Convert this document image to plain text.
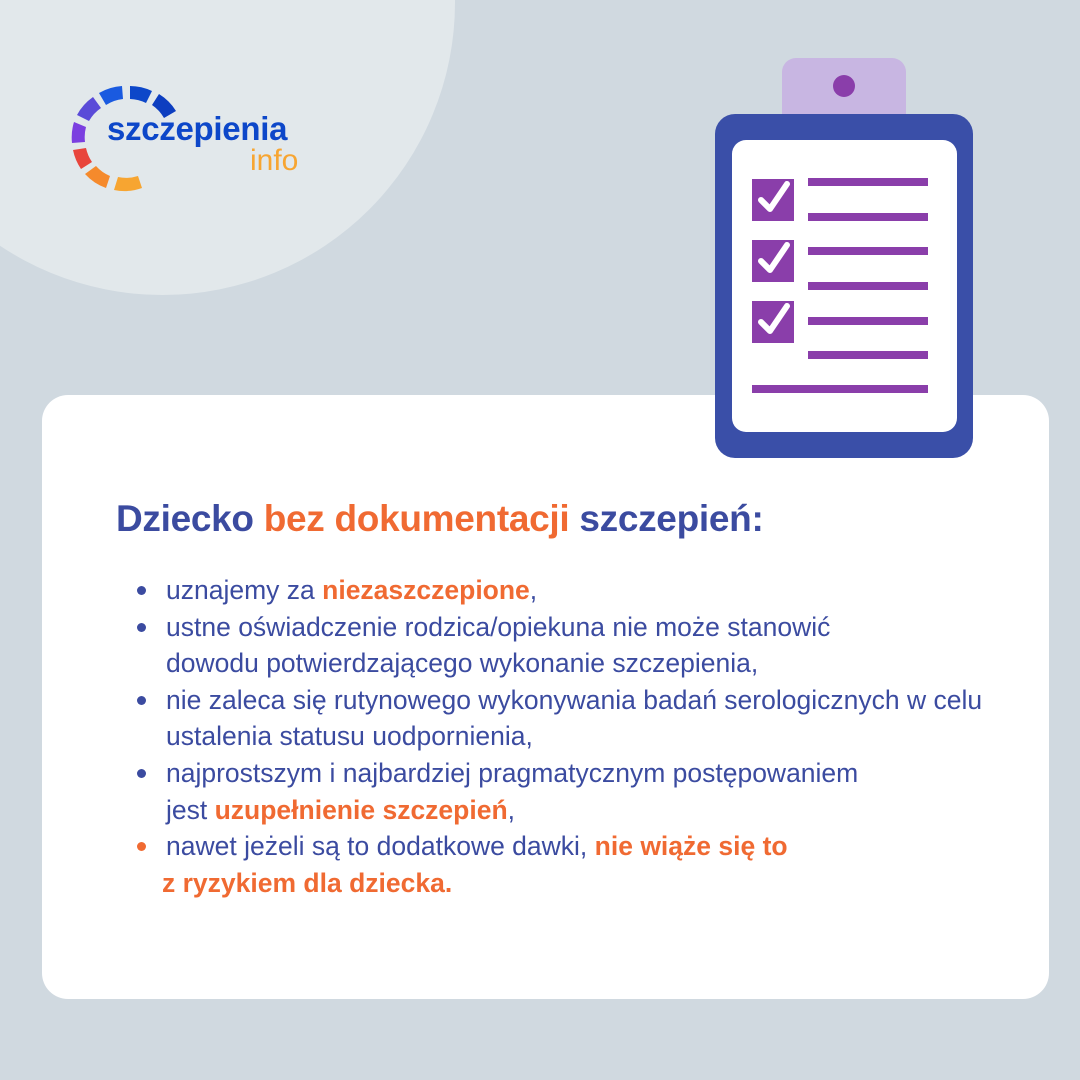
szczepienia
info
Dziecko bez dokumentacji szczepień:
uznajemy za niezaszczepione,
ustne oświadczenie rodzica/opiekuna nie może stanowić dowodu potwierdzającego wykonanie szczepienia,
nie zaleca się rutynowego wykonywania badań serologicznych w celu ustalenia statusu uodpornienia,
najprostszym i najbardziej pragmatycznym postępowaniem jest uzupełnienie szczepień,
nawet jeżeli są to dodatkowe dawki, nie wiąże się to
z ryzykiem dla dziecka.
